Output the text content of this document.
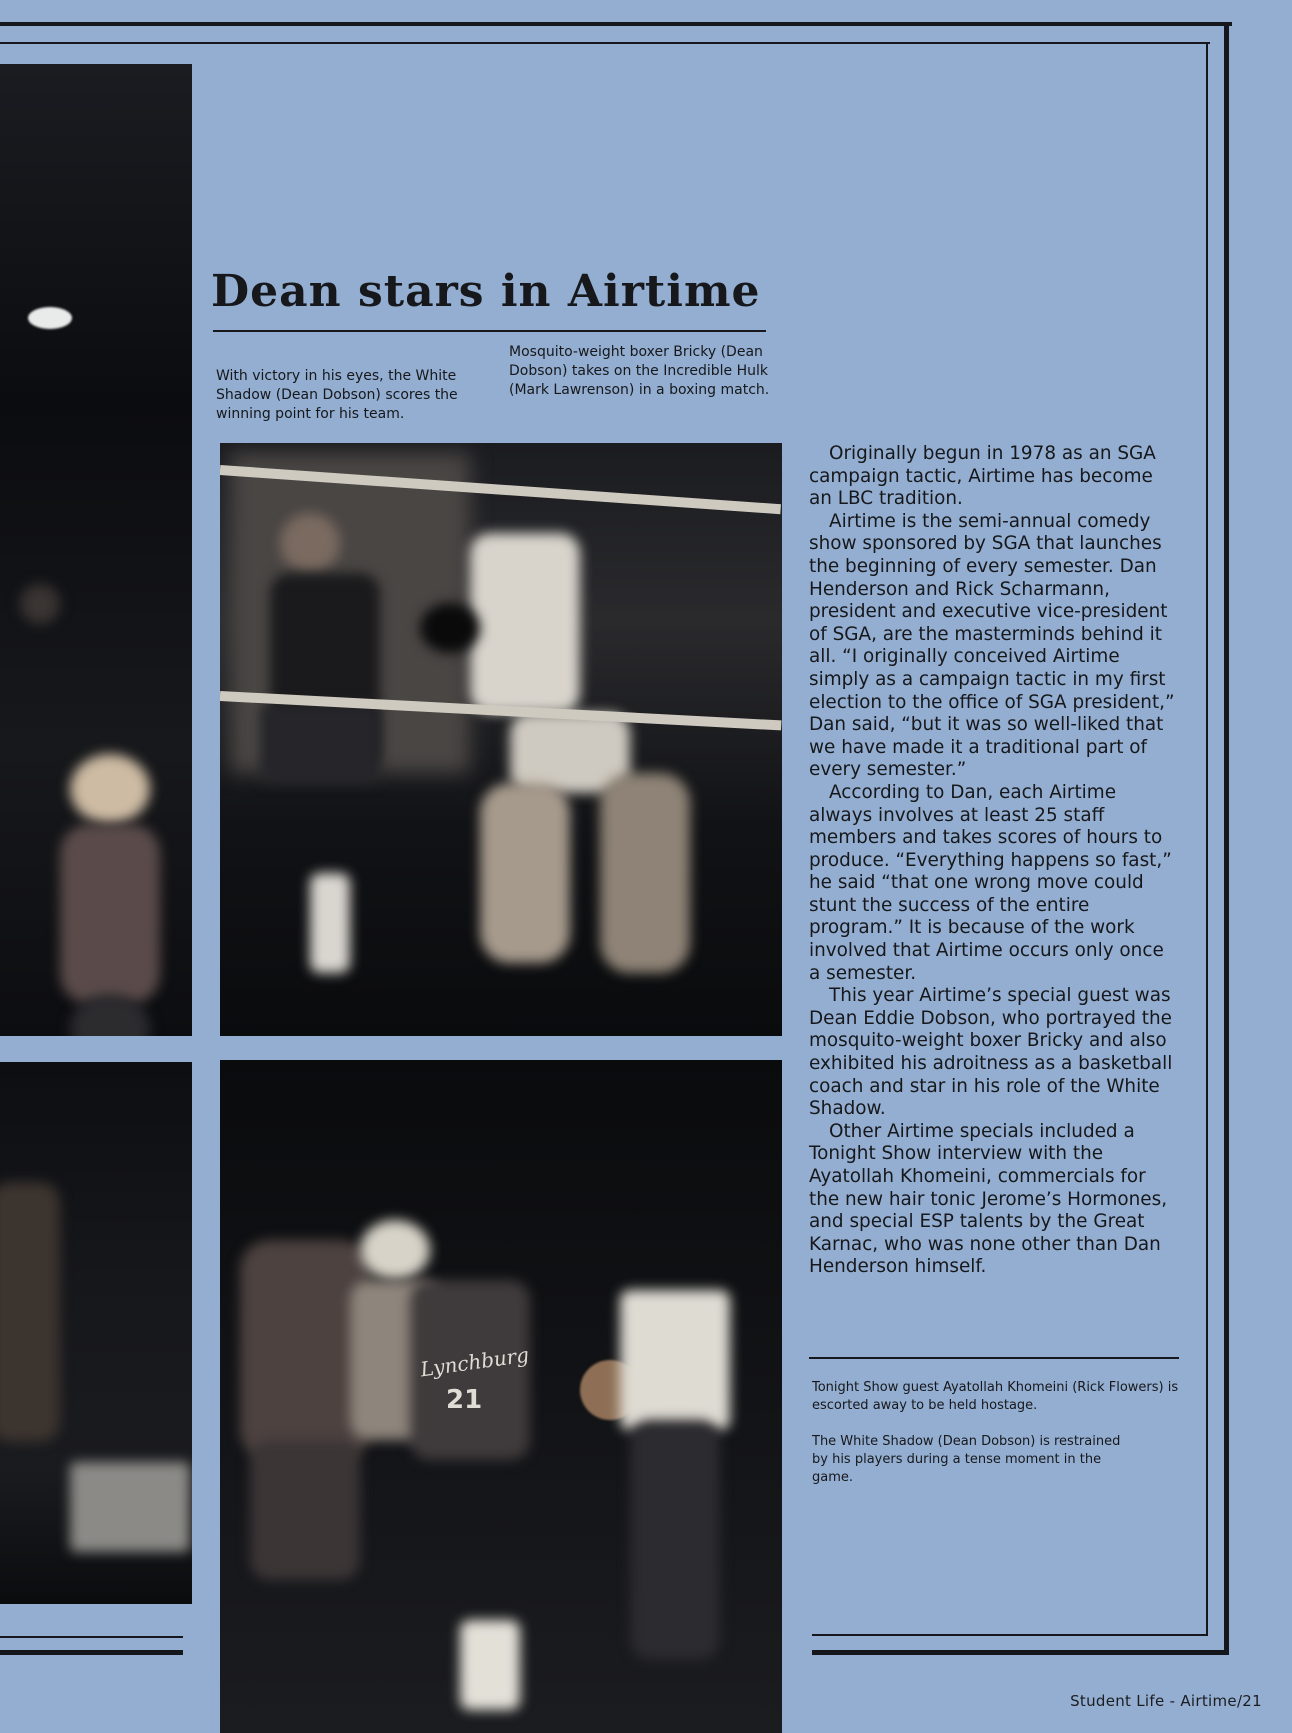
Dean stars in Airtime
With victory in his eyes, the White Shadow (Dean Dobson) scores the winning point for his team.
Mosquito-weight boxer Bricky (Dean Dobson) takes on the Incredible Hulk (Mark Lawrenson) in a boxing match.
Lynchburg
21

Originally begun in 1978 as an SGA campaign tactic, Airtime has become an LBC tradition.

Airtime is the semi-annual comedy show sponsored by SGA that launches the beginning of every semester. Dan Henderson and Rick Scharmann, president and executive vice-president of SGA, are the masterminds behind it all. “I originally conceived Airtime simply as a campaign tactic in my first election to the office of SGA president,” Dan said, “but it was so well-liked that we have made it a traditional part of every semester.”

According to Dan, each Airtime always involves at least 25 staff members and takes scores of hours to produce. “Everything happens so fast,” he said “that one wrong move could stunt the success of the entire program.” It is because of the work involved that Airtime occurs only once a semester.

This year Airtime’s special guest was Dean Eddie Dobson, who portrayed the mosquito-weight boxer Bricky and also exhibited his adroitness as a basketball coach and star in his role of the White Shadow.

Other Airtime specials included a Tonight Show interview with the Ayatollah Khomeini, commercials for the new hair tonic Jerome’s Hormones, and special ESP talents by the Great Karnac, who was none other than Dan Henderson himself.

Tonight Show guest Ayatollah Khomeini (Rick Flowers) is escorted away to be held hostage.
The White Shadow (Dean Dobson) is restrained by his players during a tense moment in the game.
Student Life - Airtime/21
